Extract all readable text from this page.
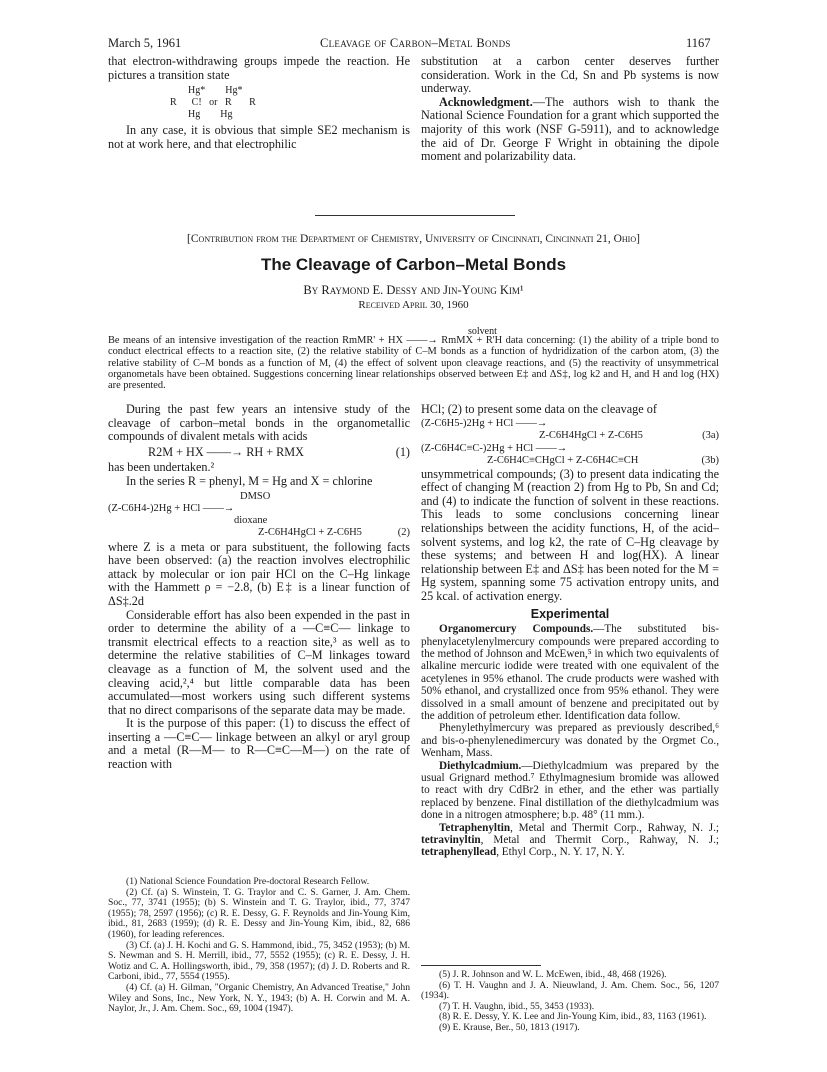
March 5, 1961	Cleavage of Carbon–Metal Bonds	1167

that electron-withdrawing groups impede the reaction. He pictures a transition state

Hg*        Hg*
R      C!   or   R       R
Hg        Hg

In any case, it is obvious that simple SE2 mechanism is not at work here, and that electrophilic

substitution at a carbon center deserves further consideration. Work in the Cd, Sn and Pb systems is now underway.

Acknowledgment.—The authors wish to thank the National Science Foundation for a grant which supported the majority of this work (NSF G-5911), and to acknowledge the aid of Dr. George F Wright in obtaining the dipole moment and polarizability data.

[Contribution from the Department of Chemistry, University of Cincinnati, Cincinnati 21, Ohio]
The Cleavage of Carbon–Metal Bonds
By Raymond E. Dessy and Jin-Young Kim¹
Received April 30, 1960
solvent
Be means of an intensive investigation of the reaction RmMR' + HX ——→ RmMX + R'H data concerning: (1) the ability of a triple bond to conduct electrical effects to a reaction site, (2) the relative stability of C–M bonds as a function of hydridization of the carbon atom, (3) the relative stability of C–M bonds as a function of M, (4) the effect of solvent upon cleavage reactions, and (5) the reactivity of unsymmetrical organometals have been obtained. Suggestions concerning linear relationships observed between E‡ and ΔS‡, log k2 and H, and H and log (HX) are presented.

During the past few years an intensive study of the cleavage of carbon–metal bonds in the organometallic compounds of divalent metals with acids

R2M + HX ——→ RH + RMX	(1)

has been undertaken.²

In the series R = phenyl, M = Hg and X = chlorine

DMSO
(Z-C6H4-)2Hg + HCl ——→
dioxane
Z-C6H4HgCl + Z-C6H5	(2)

where Z is a meta or para substituent, the following facts have been observed: (a) the reaction involves electrophilic attack by molecular or ion pair HCl on the C–Hg linkage with the Hammett ρ = −2.8, (b) E‡ is a linear function of ΔS‡.2d

Considerable effort has also been expended in the past in order to determine the ability of a —C≡C— linkage to transmit electrical effects to a reaction site,³ as well as to determine the relative stabilities of C–M linkages toward cleavage as a function of M, the solvent used and the cleaving acid,²,⁴ but little comparable data has been accumulated—most workers using such different systems that no direct comparisons of the separate data may be made.

It is the purpose of this paper: (1) to discuss the effect of inserting a —C≡C— linkage between an alkyl or aryl group and a metal (R—M— to R—C≡C—M—) on the rate of reaction with

(1) National Science Foundation Pre-doctoral Research Fellow.

(2) Cf. (a) S. Winstein, T. G. Traylor and C. S. Garner, J. Am. Chem. Soc., 77, 3741 (1955); (b) S. Winstein and T. G. Traylor, ibid., 77, 3747 (1955); 78, 2597 (1956); (c) R. E. Dessy, G. F. Reynolds and Jin-Young Kim, ibid., 81, 2683 (1959); (d) R. E. Dessy and Jin-Young Kim, ibid., 82, 686 (1960), for leading references.

(3) Cf. (a) J. H. Kochi and G. S. Hammond, ibid., 75, 3452 (1953); (b) M. S. Newman and S. H. Merrill, ibid., 77, 5552 (1955); (c) R. E. Dessy, J. H. Wotiz and C. A. Hollingsworth, ibid., 79, 358 (1957); (d) J. D. Roberts and R. Carboni, ibid., 77, 5554 (1955).

(4) Cf. (a) H. Gilman, "Organic Chemistry, An Advanced Treatise," John Wiley and Sons, Inc., New York, N. Y., 1943; (b) A. H. Corwin and M. A. Naylor, Jr., J. Am. Chem. Soc., 69, 1004 (1947).

HCl; (2) to present some data on the cleavage of

(Z-C6H5-)2Hg + HCl ——→
Z-C6H4HgCl + Z-C6H5	(3a)
(Z-C6H4C≡C-)2Hg + HCl ——→
Z-C6H4C≡CHgCl + Z-C6H4C≡CH	(3b)

unsymmetrical compounds; (3) to present data indicating the effect of changing M (reaction 2) from Hg to Pb, Sn and Cd; and (4) to indicate the function of solvent in these reactions. This leads to some conclusions concerning linear relationships between the acidity functions, H, of the acid–solvent systems, and log k2, the rate of C–Hg cleavage by these systems; and between H and log(HX). A linear relationship between E‡ and ΔS‡ has been noted for the M = Hg system, spanning some 75 activation entropy units, and 25 kcal. of activation energy.

Experimental

Organomercury Compounds.—The substituted bis-phenylacetylenylmercury compounds were prepared according to the method of Johnson and McEwen,⁵ in which two equivalents of alkaline mercuric iodide were treated with one equivalent of the acetylenes in 95% ethanol. The crude products were washed with 50% ethanol, and crystallized once from 95% ethanol. They were dissolved in a small amount of benzene and precipitated out by the addition of petroleum ether. Identification data follow.

Phenylethylmercury was prepared as previously described,⁶ and bis-o-phenylenedimercury was donated by the Orgmet Co., Wenham, Mass.

Diethylcadmium.—Diethylcadmium was prepared by the usual Grignard method.⁷ Ethylmagnesium bromide was allowed to react with dry CdBr2 in ether, and the ether was partially replaced by benzene. Final distillation of the diethylcadmium was done in a nitrogen atmosphere; b.p. 48° (11 mm.).

Tetraphenyltin, Metal and Thermit Corp., Rahway, N. J.; tetravinyltin, Metal and Thermit Corp., Rahway, N. J.; tetraphenyllead, Ethyl Corp., N. Y. 17, N. Y.

(5) J. R. Johnson and W. L. McEwen, ibid., 48, 468 (1926).

(6) T. H. Vaughn and J. A. Nieuwland, J. Am. Chem. Soc., 56, 1207 (1934).

(7) T. H. Vaughn, ibid., 55, 3453 (1933).

(8) R. E. Dessy, Y. K. Lee and Jin-Young Kim, ibid., 83, 1163 (1961).

(9) E. Krause, Ber., 50, 1813 (1917).
